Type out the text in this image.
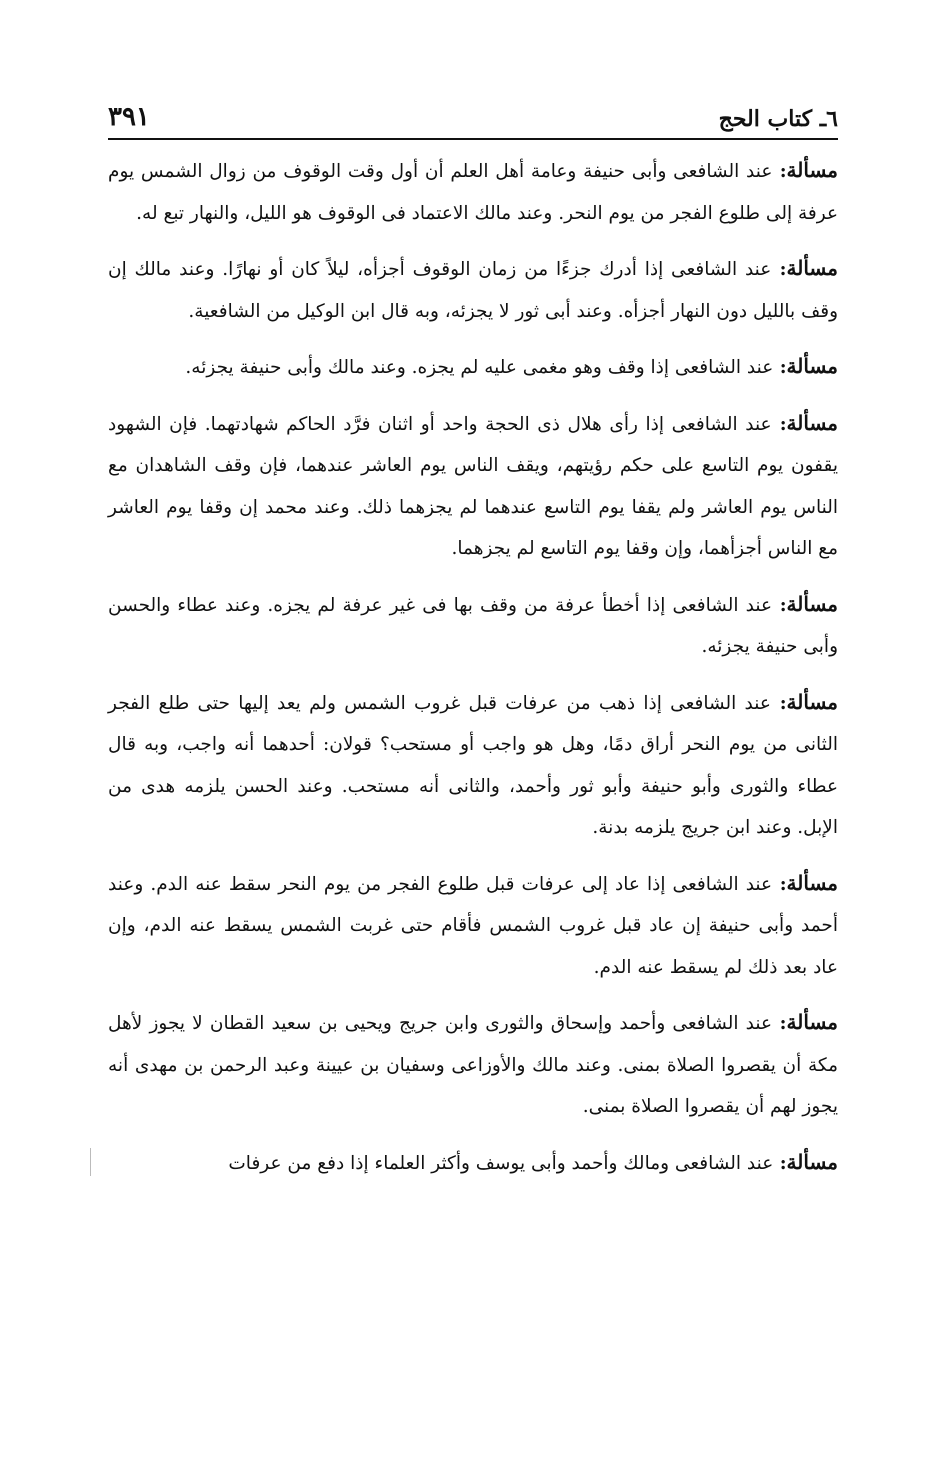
٦ـ كتاب الحج
٣٩١

مسألة: عند الشافعى وأبى حنيفة وعامة أهل العلم أن أول وقت الوقوف من زوال الشمس يوم عرفة إلى طلوع الفجر من يوم النحر. وعند مالك الاعتماد فى الوقوف هو الليل، والنهار تبع له.

مسألة: عند الشافعى إذا أدرك جزءًا من زمان الوقوف أجزأه، ليلاً كان أو نهارًا. وعند مالك إن وقف بالليل دون النهار أجزأه. وعند أبى ثور لا يجزئه، وبه قال ابن الوكيل من الشافعية.

مسألة: عند الشافعى إذا وقف وهو مغمى عليه لم يجزه. وعند مالك وأبى حنيفة يجزئه.

مسألة: عند الشافعى إذا رأى هلال ذى الحجة واحد أو اثنان فرَّد الحاكم شهادتهما. فإن الشهود يقفون يوم التاسع على حكم رؤيتهم، ويقف الناس يوم العاشر عندهما، فإن وقف الشاهدان مع الناس يوم العاشر ولم يقفا يوم التاسع عندهما لم يجزهما ذلك. وعند محمد إن وقفا يوم العاشر مع الناس أجزأهما، وإن وقفا يوم التاسع لم يجزهما.

مسألة: عند الشافعى إذا أخطأ عرفة من وقف بها فى غير عرفة لم يجزه. وعند عطاء والحسن وأبى حنيفة يجزئه.

مسألة: عند الشافعى إذا ذهب من عرفات قبل غروب الشمس ولم يعد إليها حتى طلع الفجر الثانى من يوم النحر أراق دمًا، وهل هو واجب أو مستحب؟ قولان: أحدهما أنه واجب، وبه قال عطاء والثورى وأبو حنيفة وأبو ثور وأحمد، والثانى أنه مستحب. وعند الحسن يلزمه هدى من الإبل. وعند ابن جريج يلزمه بدنة.

مسألة: عند الشافعى إذا عاد إلى عرفات قبل طلوع الفجر من يوم النحر سقط عنه الدم. وعند أحمد وأبى حنيفة إن عاد قبل غروب الشمس فأقام حتى غربت الشمس يسقط عنه الدم، وإن عاد بعد ذلك لم يسقط عنه الدم.

مسألة: عند الشافعى وأحمد وإسحاق والثورى وابن جريج ويحيى بن سعيد القطان لا يجوز لأهل مكة أن يقصروا الصلاة بمنى. وعند مالك والأوزاعى وسفيان بن عيينة وعبد الرحمن بن مهدى أنه يجوز لهم أن يقصروا الصلاة بمنى.

مسألة: عند الشافعى ومالك وأحمد وأبى يوسف وأكثر العلماء إذا دفع من عرفات
